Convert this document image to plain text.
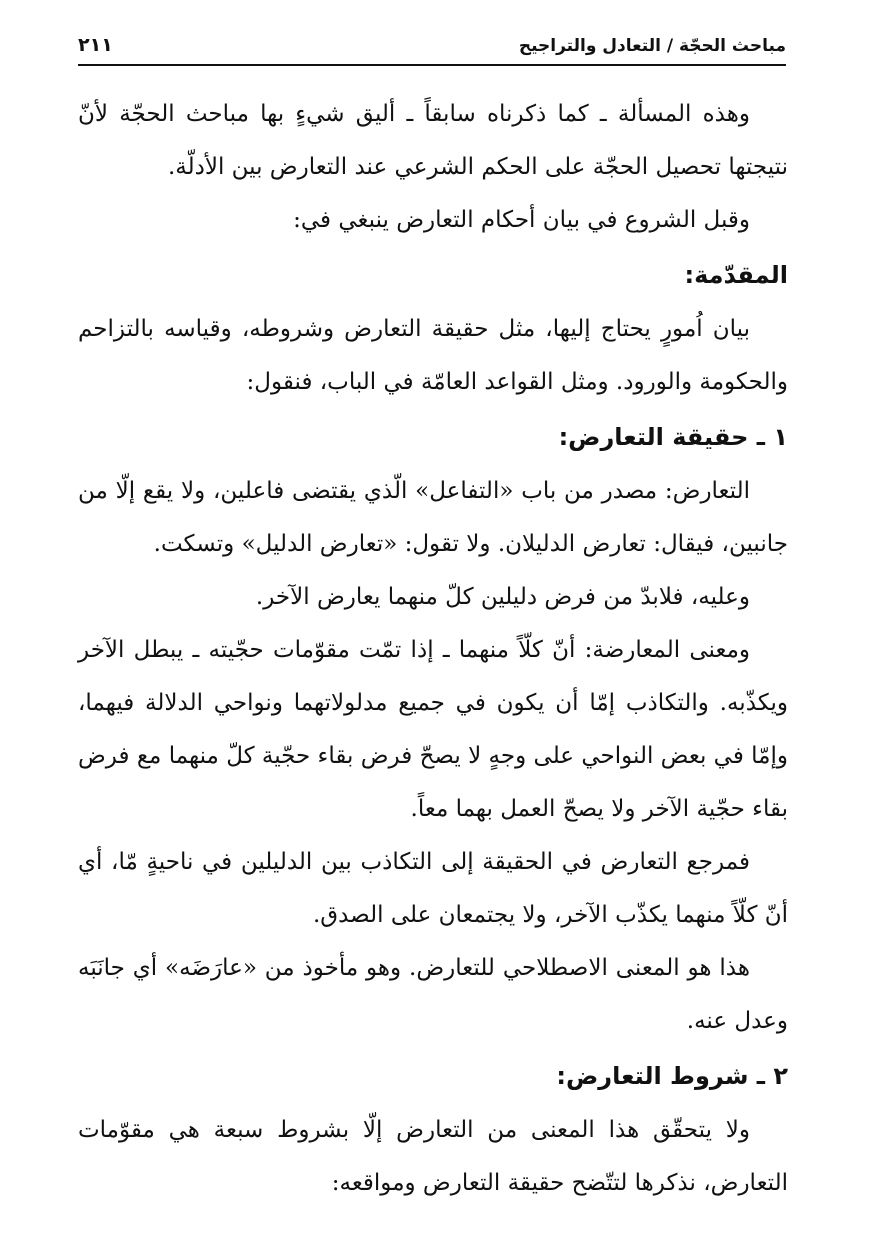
مباحث الحجّة / التعادل والتراجيح
٢١١

وهذه المسألة ـ كما ذكرناه سابقاً ـ أليق شيءٍ بها مباحث الحجّة لأنّ نتيجتها تحصيل الحجّة على الحكم الشرعي عند التعارض بين الأدلّة.

وقبل الشروع في بيان أحكام التعارض ينبغي في:

المقدّمة:

بيان اُمورٍ يحتاج إليها، مثل حقيقة التعارض وشروطه، وقياسه بالتزاحم والحكومة والورود. ومثل القواعد العامّة في الباب، فنقول:

١ ـ حقيقة التعارض:

التعارض: مصدر من باب «التفاعل» الّذي يقتضى فاعلين، ولا يقع إلّا من جانبين، فيقال: تعارض الدليلان. ولا تقول: «تعارض الدليل» وتسكت.

وعليه، فلابدّ من فرض دليلين كلّ منهما يعارض الآخر.

ومعنى المعارضة: أنّ كلّاً منهما ـ إذا تمّت مقوّمات حجّيته ـ يبطل الآخر ويكذّبه. والتكاذب إمّا أن يكون في جميع مدلولاتهما ونواحي الدلالة فيهما، وإمّا في بعض النواحي على وجهٍ لا يصحّ فرض بقاء حجّية كلّ منهما مع فرض بقاء حجّية الآخر ولا يصحّ العمل بهما معاً.

فمرجع التعارض في الحقيقة إلى التكاذب بين الدليلين في ناحيةٍ مّا، أي أنّ كلّاً منهما يكذّب الآخر، ولا يجتمعان على الصدق.

هذا هو المعنى الاصطلاحي للتعارض. وهو مأخوذ من «عارَضَه» أي جانَبَه وعدل عنه.

٢ ـ شروط التعارض:

ولا يتحقّق هذا المعنى من التعارض إلّا بشروط سبعة هي مقوّمات التعارض، نذكرها لتتّضح حقيقة التعارض ومواقعه:
